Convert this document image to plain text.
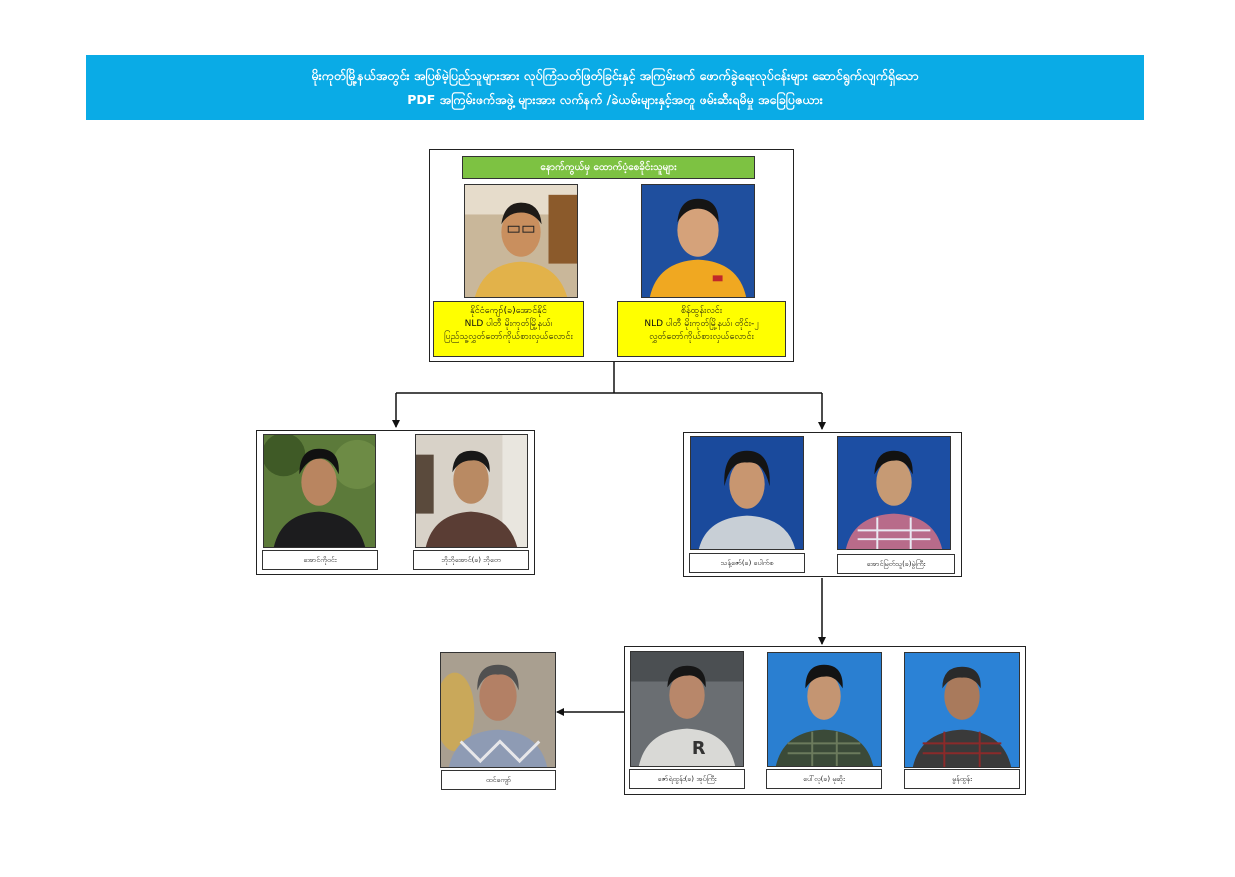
မိုးကုတ်မြို့နယ်အတွင်း အပြစ်မဲ့ပြည်သူများအား လုပ်ကြံသတ်ဖြတ်ခြင်းနှင့် အကြမ်းဖက် ဖောက်ခွဲရေးလုပ်ငန်းများ ဆောင်ရွက်လျက်ရှိသော
PDF အကြမ်းဖက်အဖွဲ့ များအား လက်နက် /ခဲယမ်းများနှင့်အတူ ဖမ်းဆီးရမိမှု အခြေပြဇယား
နောက်ကွယ်မှ ထောက်ပံ့စေခိုင်းသူများ
နိုင်ငံကျော်(ခ)အောင်နိုင်
NLD ပါတီ မိုးကုတ်မြို့နယ်၊
ပြည်သူ့လွှတ်တော်ကိုယ်စားလှယ်လောင်း
စိန်ထွန်းလင်း
NLD ပါတီ မိုးကုတ်မြို့နယ်၊ တိုင်း-၂
လွှတ်တော်ကိုယ်စားလှယ်လောင်း
အောင်ကိုဝင်း	ဘိုဘိုအောင်(ခ) ဘိုတေ	သန့်ဇော်(ခ) ပေါက်စ	အောင်မြတ်သူ(ခ)မွဲကြီး
R
ဇော်ရဲထွန်း(ခ) အုပ်ကြီး	ပေါ်လု(ခ) မုဆိုး	မွန်ထွန်း
ထင်ကျော်
